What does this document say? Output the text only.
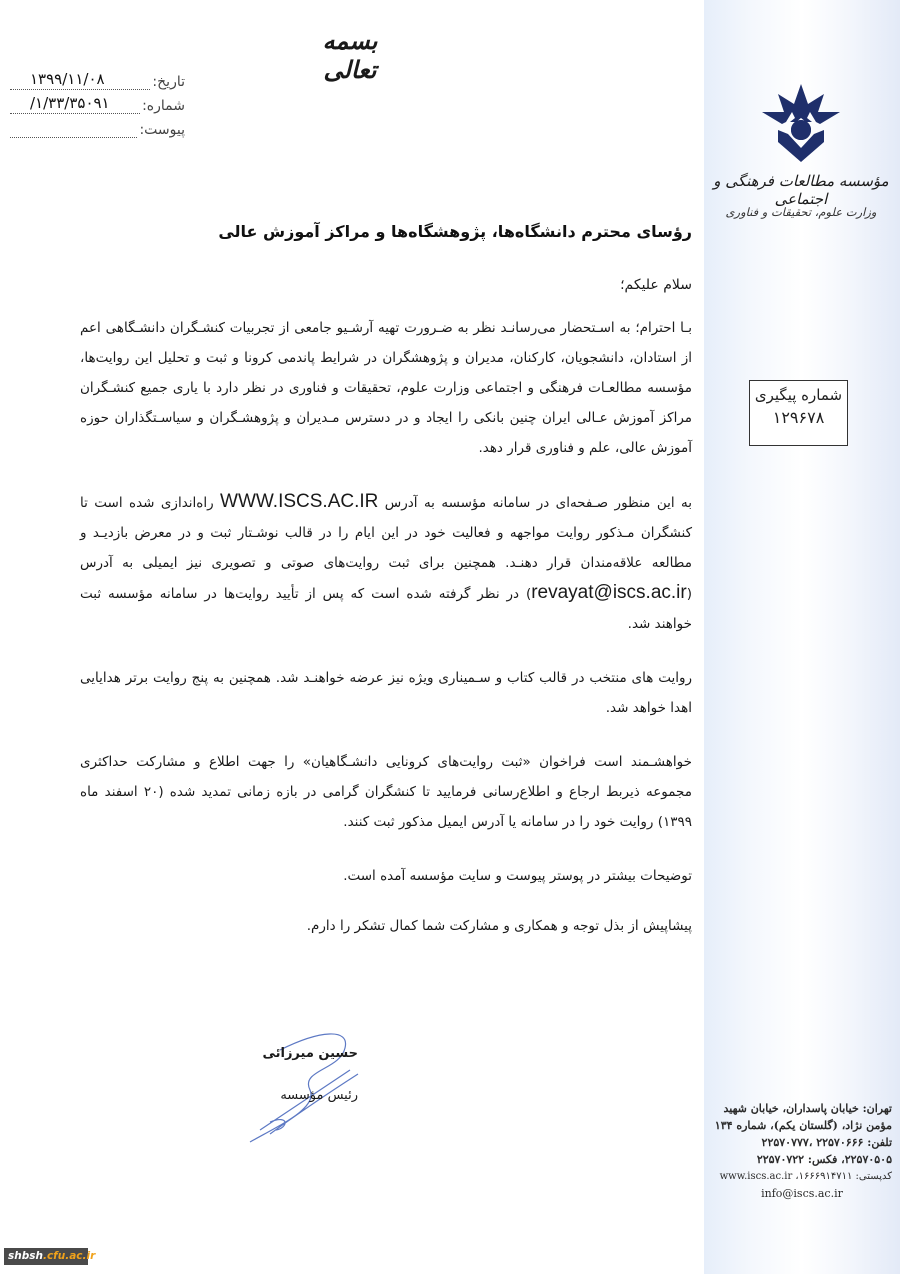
مؤسسه مطالعات فرهنگی و اجتماعی
وزارت علوم، تحقیقات و فناوری
شماره پیگیری
۱۲۹۶۷۸
بسمه تعالی
تاریخ:
۱۳۹۹/۱۱/۰۸
شماره:
/۱/۳۳/۳۵۰۹۱
پیوست:
رؤسای محترم دانشگاه‌ها، پژوهشگاه‌ها و مراکز آموزش عالی
سلام علیکم؛

بـا احترام؛ به اسـتحضار می‌رسانـد نظر به ضـرورت تهیه آرشـیو جامعی از تجربیات کنشـگران دانشـگاهی اعم از استادان، دانشجویان، کارکنان، مدیران و پژوهشگران در شرایط پاندمی کرونا و ثبت و تحلیل این روایت‌ها، مؤسسه مطالعـات فرهنگی و اجتماعی وزارت علوم، تحقیقات و فناوری در نظر دارد با یاری جمیع کنشـگران مراکز آموزش عـالی ایران چنین بانکی را ایجاد و در دسترس مـدیران و پژوهشـگران و سیاسـتگذاران حوزه آموزش عالی، علم و فناوری قرار دهد.

به این منظور صـفحه‌ای در سامانه مؤسسه به آدرس WWW.ISCS.AC.IR راه‌اندازی شده است تا کنشگران مـذکور روایت مواجهه و فعالیت خود در این ایام را در قالب نوشـتار ثبت و در معرض بازدیـد و مطالعه علاقه‌مندان قرار دهنـد. همچنین برای ثبت روایت‌های صوتی و تصویری نیز ایمیلی به آدرس (revayat@iscs.ac.ir) در نظر گرفته شده است که پس از تأیید روایت‌ها در سامانه مؤسسه ثبت خواهند شد.

روایت های منتخب در قالب کتاب و سـمیناری ویژه نیز عرضه خواهنـد شد. همچنین به پنج روایت برتر هدایایی اهدا خواهد شد.

خواهشـمند است فراخوان «ثبت روایت‌های کرونایی دانشـگاهیان» را جهت اطلاع و مشارکت حداکثری مجموعه ذیربط ارجاع و اطلاع‌رسانی فرمایید تا کنشگران گرامی در بازه زمانی تمدید شده (۲۰ اسفند ماه ۱۳۹۹) روایت خود را در سامانه یا آدرس ایمیل مذکور ثبت کنند.

توضیحات بیشتر در پوستر پیوست و سایت مؤسسه آمده است.

پیشاپیش از بذل توجه و همکاری و مشارکت شما کمال تشکر را دارم.

حسین میرزائی
رئیس مؤسسه
تهران: خیابان پاسداران، خیابان شهید
مؤمن نژاد، (گلستان یکم)، شماره ۱۳۴
تلفن: ۲۲۵۷۰۶۶۶ ،۲۲۵۷۰۷۷۷
۲۲۵۷۰۵۰۵، فکس: ۲۲۵۷۰۷۲۲
کدپستی: ۱۶۶۶۹۱۴۷۱۱، www.iscs.ac.ir
info@iscs.ac.ir
shbsh.cfu.ac.ir
